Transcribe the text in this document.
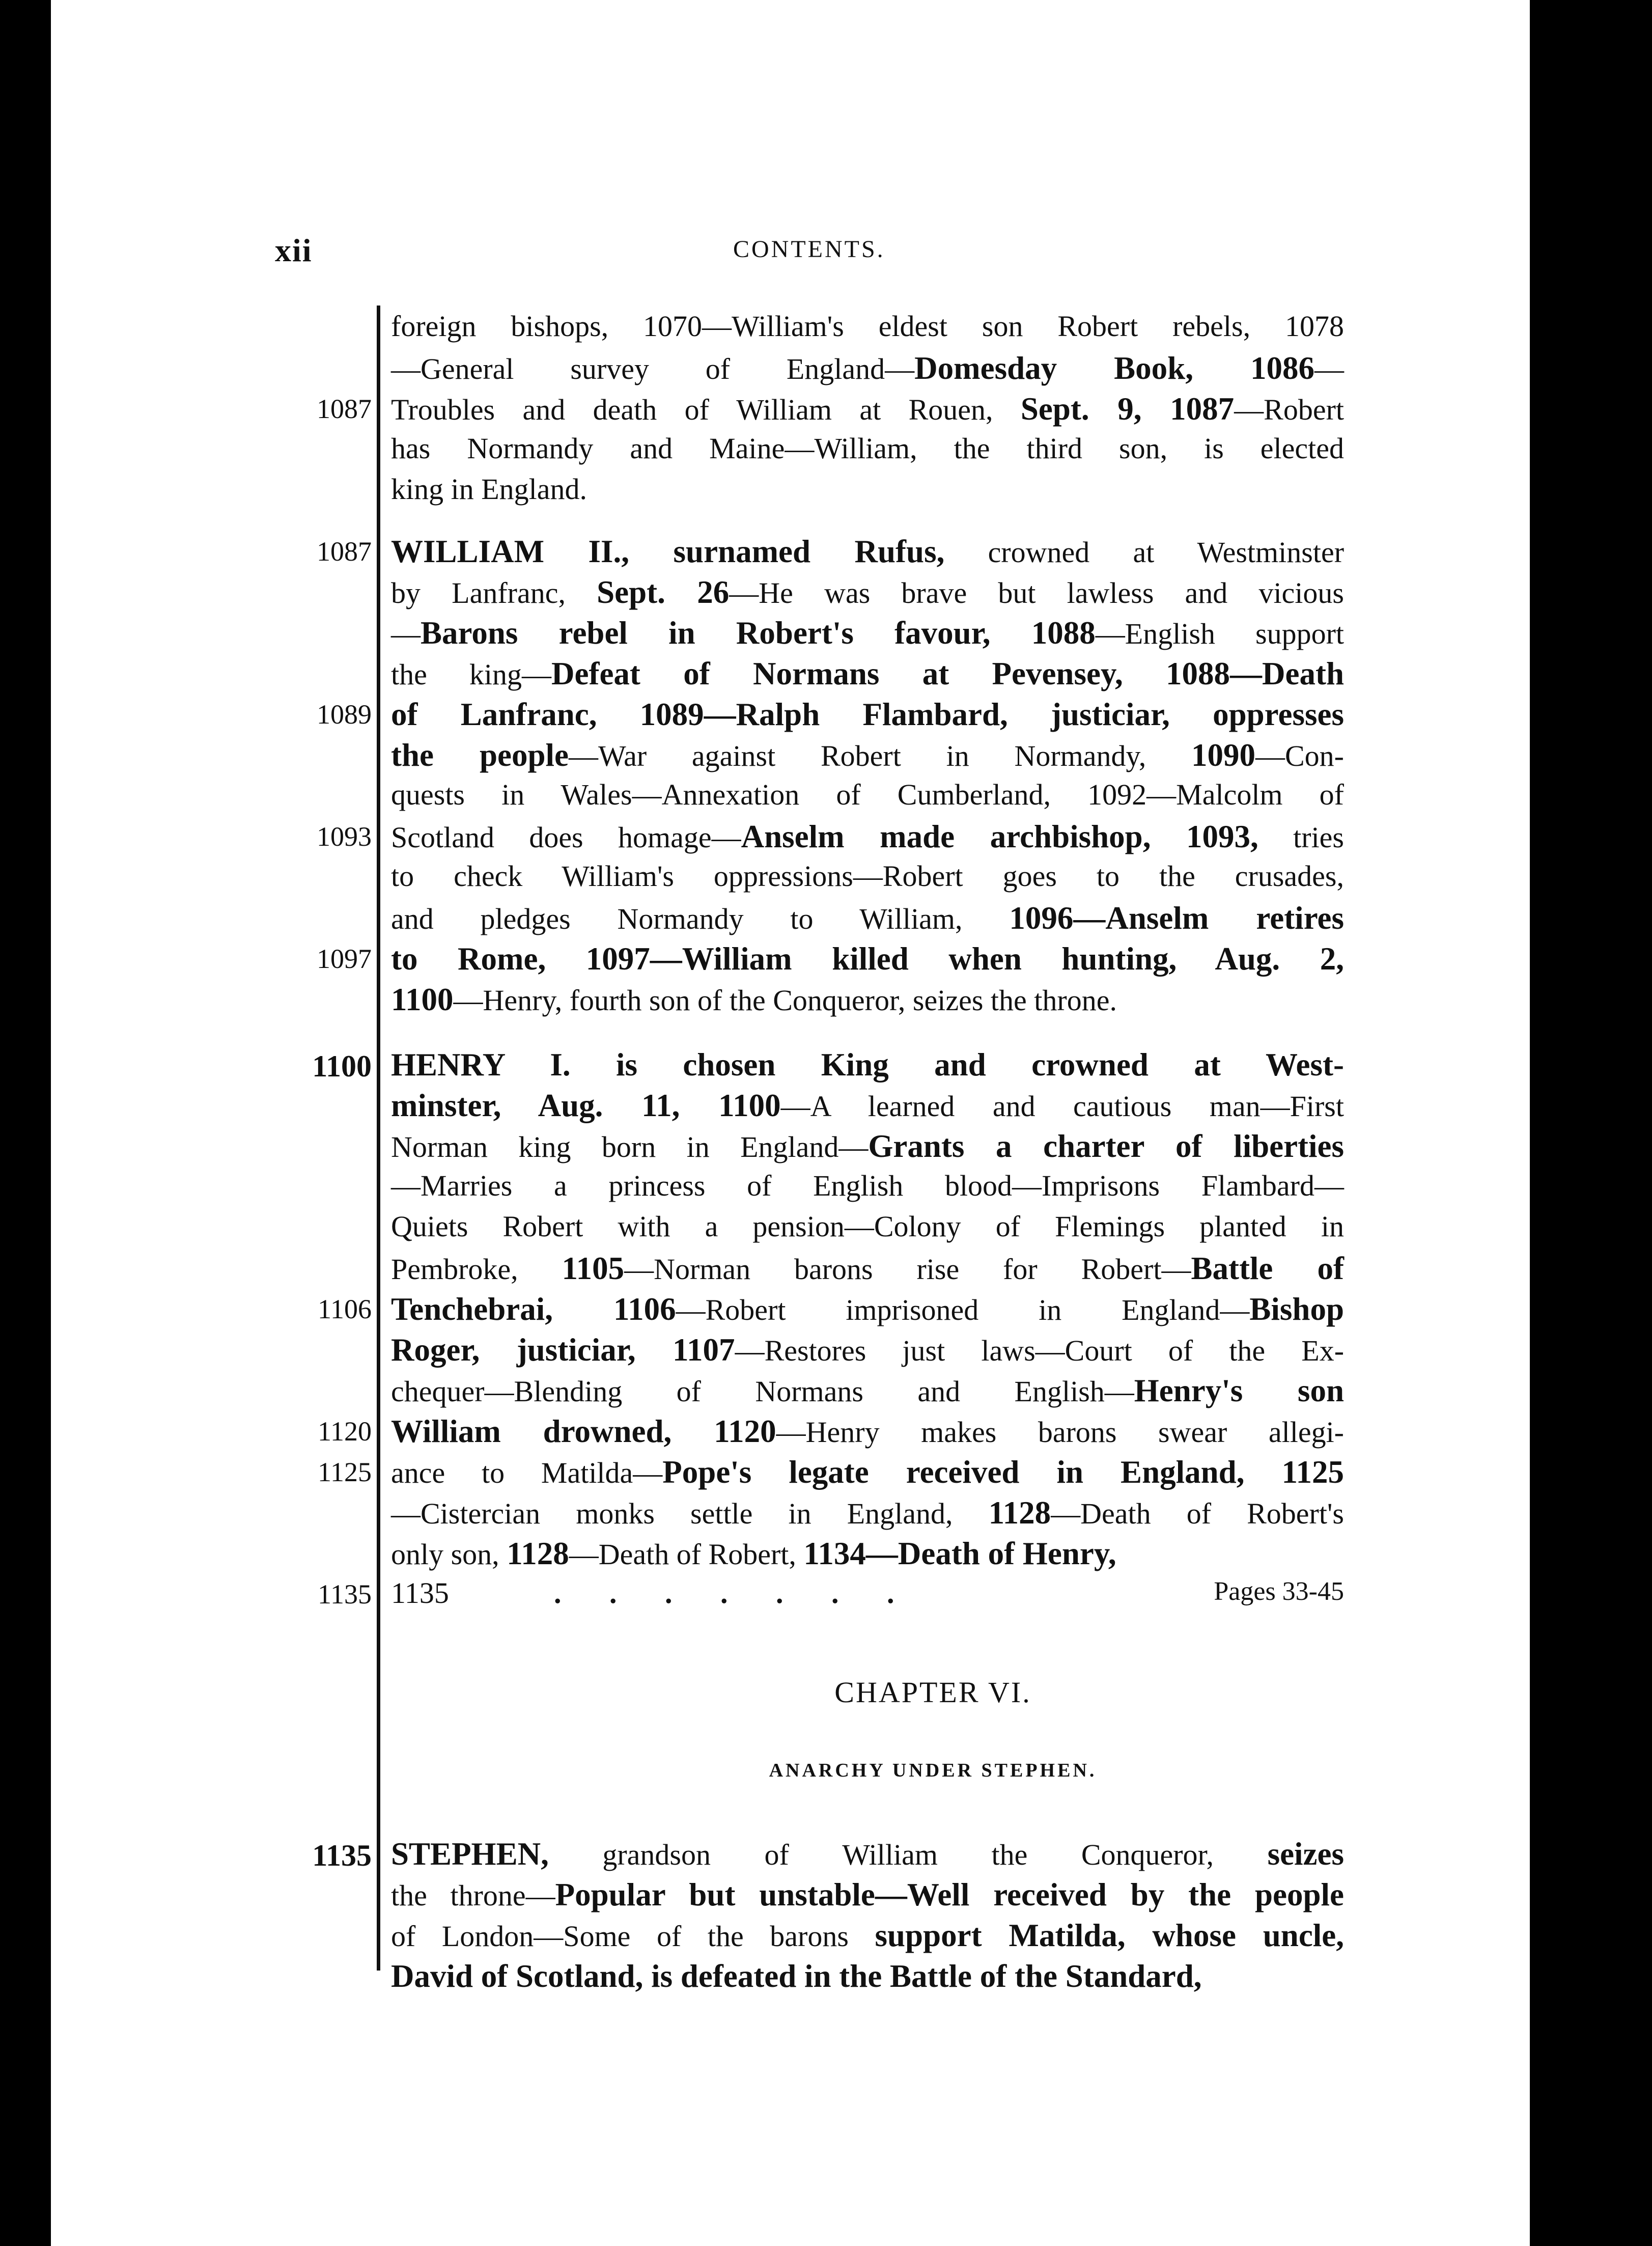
xii	CONTENTS.
1087
1087
1089
1093
1097
1100
1106
1120
1125
1135
1135
foreign bishops, 1070—William's eldest son Robert rebels, 1078
—General survey of England—Domesday Book, 1086—
Troubles and death of William at Rouen, Sept. 9, 1087—Robert
has Normandy and Maine—William, the third son, is elected
king in England.
WILLIAM II., surnamed Rufus, crowned at Westminster
by Lanfranc, Sept. 26—He was brave but lawless and vicious
—Barons rebel in Robert's favour, 1088—English support
the king—Defeat of Normans at Pevensey, 1088—Death
of Lanfranc, 1089—Ralph Flambard, justiciar, oppresses
the people—War against Robert in Normandy, 1090—Con-
quests in Wales—Annexation of Cumberland, 1092—Malcolm of
Scotland does homage—Anselm made archbishop, 1093, tries
to check William's oppressions—Robert goes to the crusades,
and pledges Normandy to William, 1096—Anselm retires
to Rome, 1097—William killed when hunting, Aug. 2,
1100—Henry, fourth son of the Conqueror, seizes the throne.
HENRY I. is chosen King and crowned at West-
minster, Aug. 11, 1100—A learned and cautious man—First
Norman king born in England—Grants a charter of liberties
—Marries a princess of English blood—Imprisons Flambard—
Quiets Robert with a pension—Colony of Flemings planted in
Pembroke, 1105—Norman barons rise for Robert—Battle of
Tenchebrai, 1106—Robert imprisoned in England—Bishop
Roger, justiciar, 1107—Restores just laws—Court of the Ex-
chequer—Blending of Normans and English—Henry's son
William drowned, 1120—Henry makes barons swear allegi-
ance to Matilda—Pope's legate received in England, 1125
—Cistercian monks settle in England, 1128—Death of Robert's
only son, 1128—Death of Robert, 1134—Death of Henry,
STEPHEN, grandson of William the Conqueror, seizes
the throne—Popular but unstable—Well received by the people
of London—Some of the barons support Matilda, whose uncle,
David of Scotland, is defeated in the Battle of the Standard,
1135	. . . . . . .	Pages 33-45
CHAPTER VI.
ANARCHY UNDER STEPHEN.
